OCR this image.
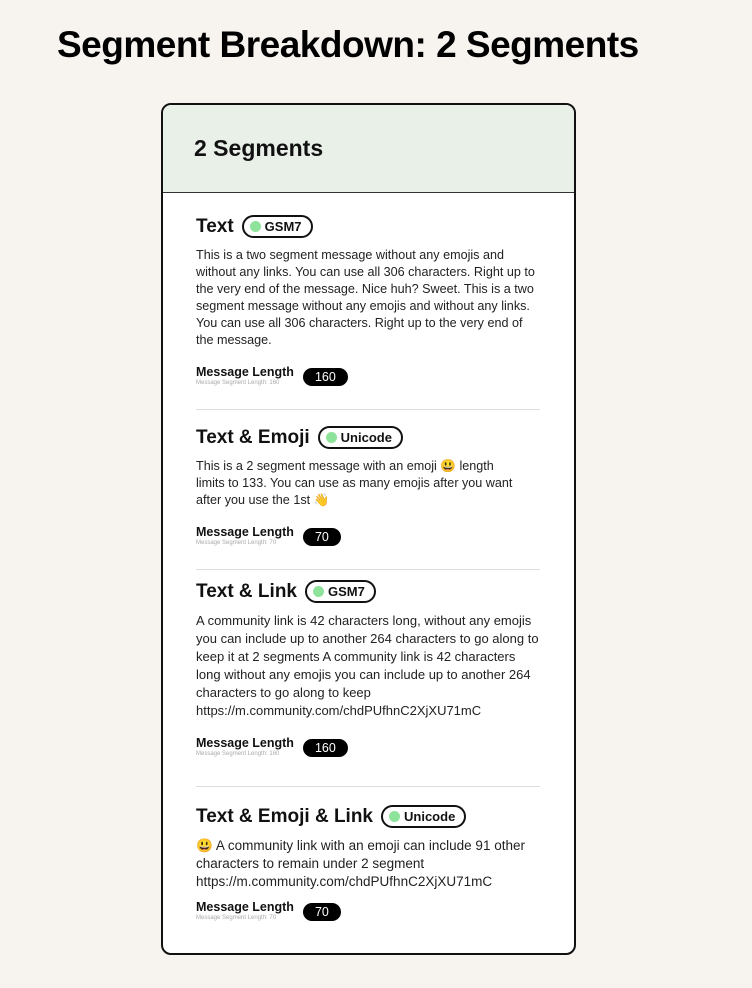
Segment Breakdown: 2 Segments
2 Segments
Text GSM7
This is a two segment message without any emojis and without any links. You can use all 306 characters. Right up to the very end of the message. Nice huh? Sweet. This is a two segment message without any emojis and without any links. You can use all 306 characters. Right up to the very end of the message.
Message Length
Message Segment Length: 160	160
Text & Emoji Unicode
This is a 2 segment message with an emoji 😃 length limits to 133. You can use as many emojis after you want after you use the 1st 👋
Message Length
Message Segment Length: 70	70
Text & Link GSM7
A community link is 42 characters long, without any emojis you can include up to another 264 characters to go along to keep it at 2 segments A community link is 42 characters long without any emojis you can include up to another 264 characters to go along to keep https://m.community.com/chdPUfhnC2XjXU71mC
Message Length
Message Segment Length: 160	160
Text & Emoji & Link Unicode
😃 A community link with an emoji can include 91 other characters to remain under 2 segment https://m.community.com/chdPUfhnC2XjXU71mC
Message Length
Message Segment Length: 70	70
